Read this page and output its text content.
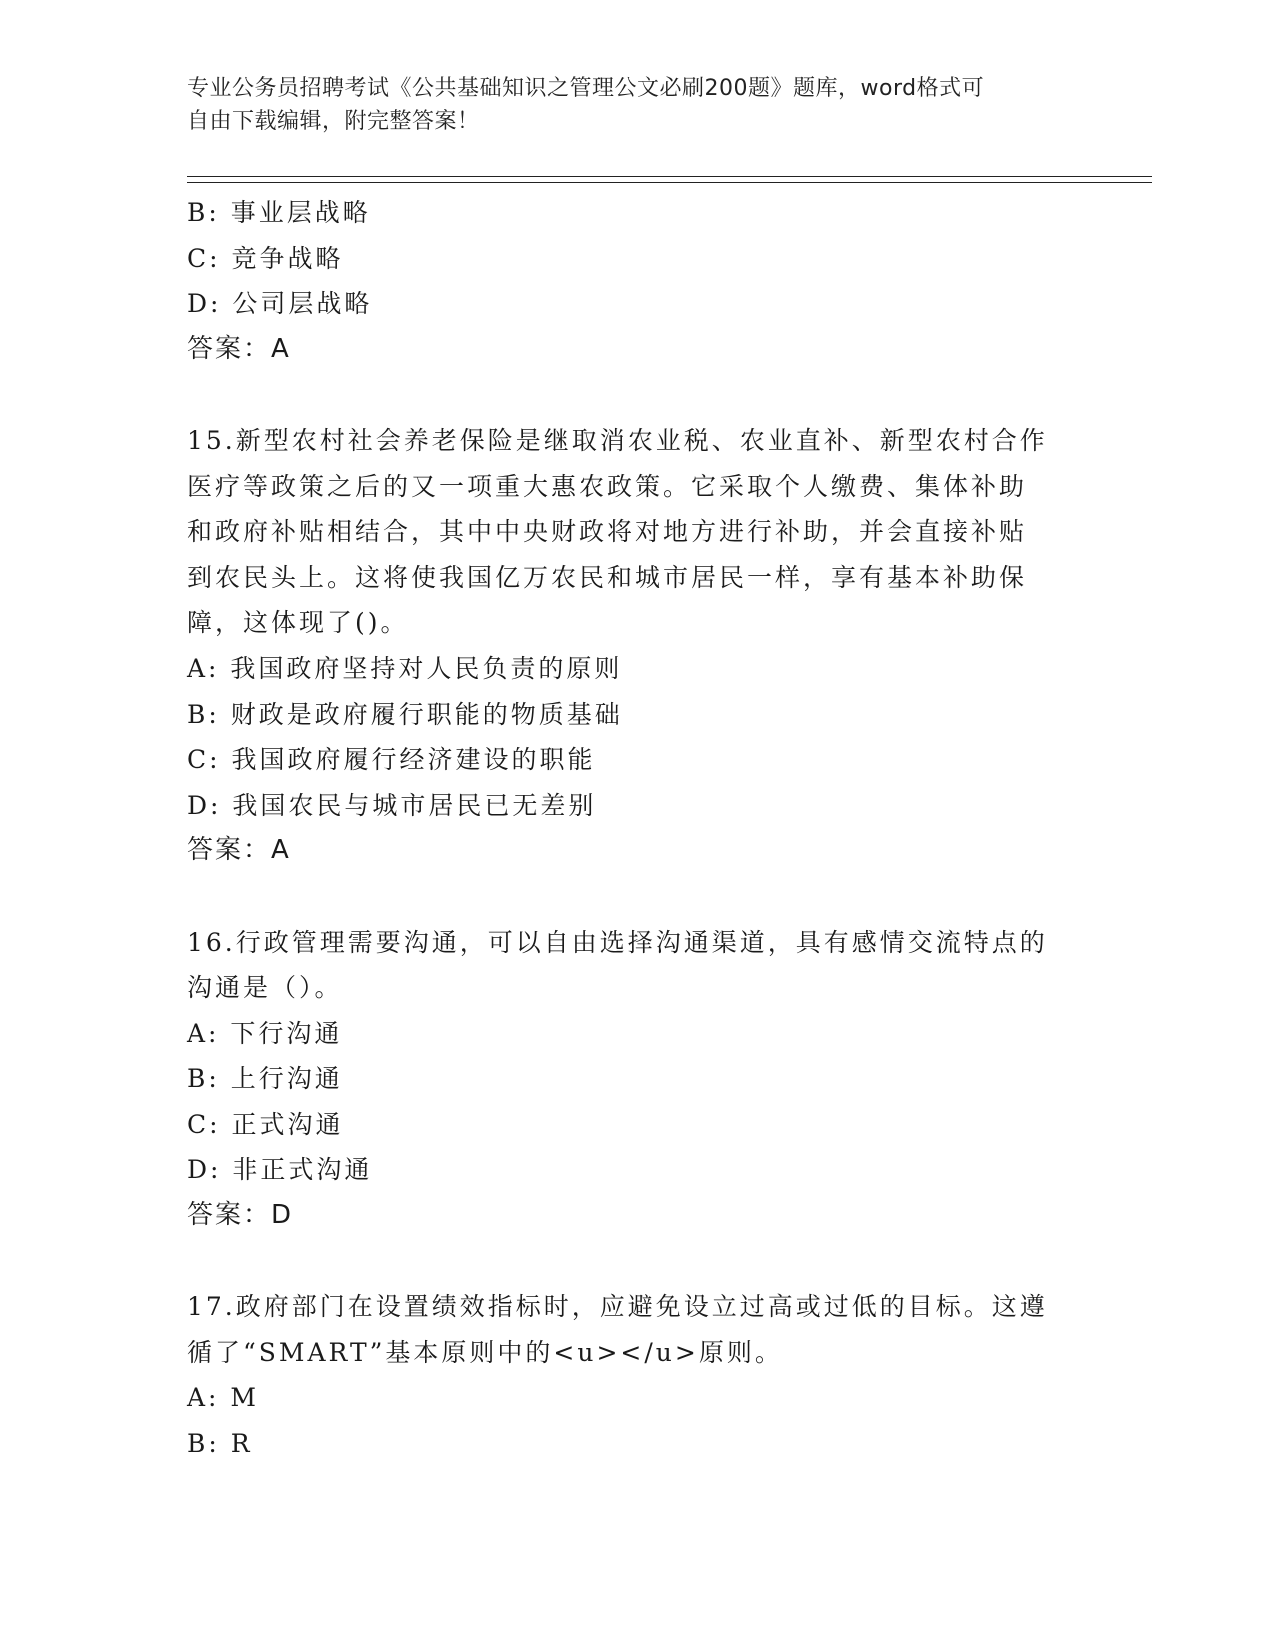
专业公务员招聘考试《公共基础知识之管理公文必刷200题》题库，word格式可
自由下载编辑，附完整答案！
B: 事业层战略
C: 竞争战略
D: 公司层战略
答案：A
15.新型农村社会养老保险是继取消农业税、农业直补、新型农村合作
医疗等政策之后的又一项重大惠农政策。它采取个人缴费、集体补助
和政府补贴相结合，其中中央财政将对地方进行补助，并会直接补贴
到农民头上。这将使我国亿万农民和城市居民一样，享有基本补助保
障，这体现了()。
A: 我国政府坚持对人民负责的原则
B: 财政是政府履行职能的物质基础
C: 我国政府履行经济建设的职能
D: 我国农民与城市居民已无差别
答案：A
16.行政管理需要沟通，可以自由选择沟通渠道，具有感情交流特点的
沟通是（）。
A: 下行沟通
B: 上行沟通
C: 正式沟通
D: 非正式沟通
答案：D
17.政府部门在设置绩效指标时，应避免设立过高或过低的目标。这遵
循了“SMART”基本原则中的<u></u>原则。
A: M
B: R
